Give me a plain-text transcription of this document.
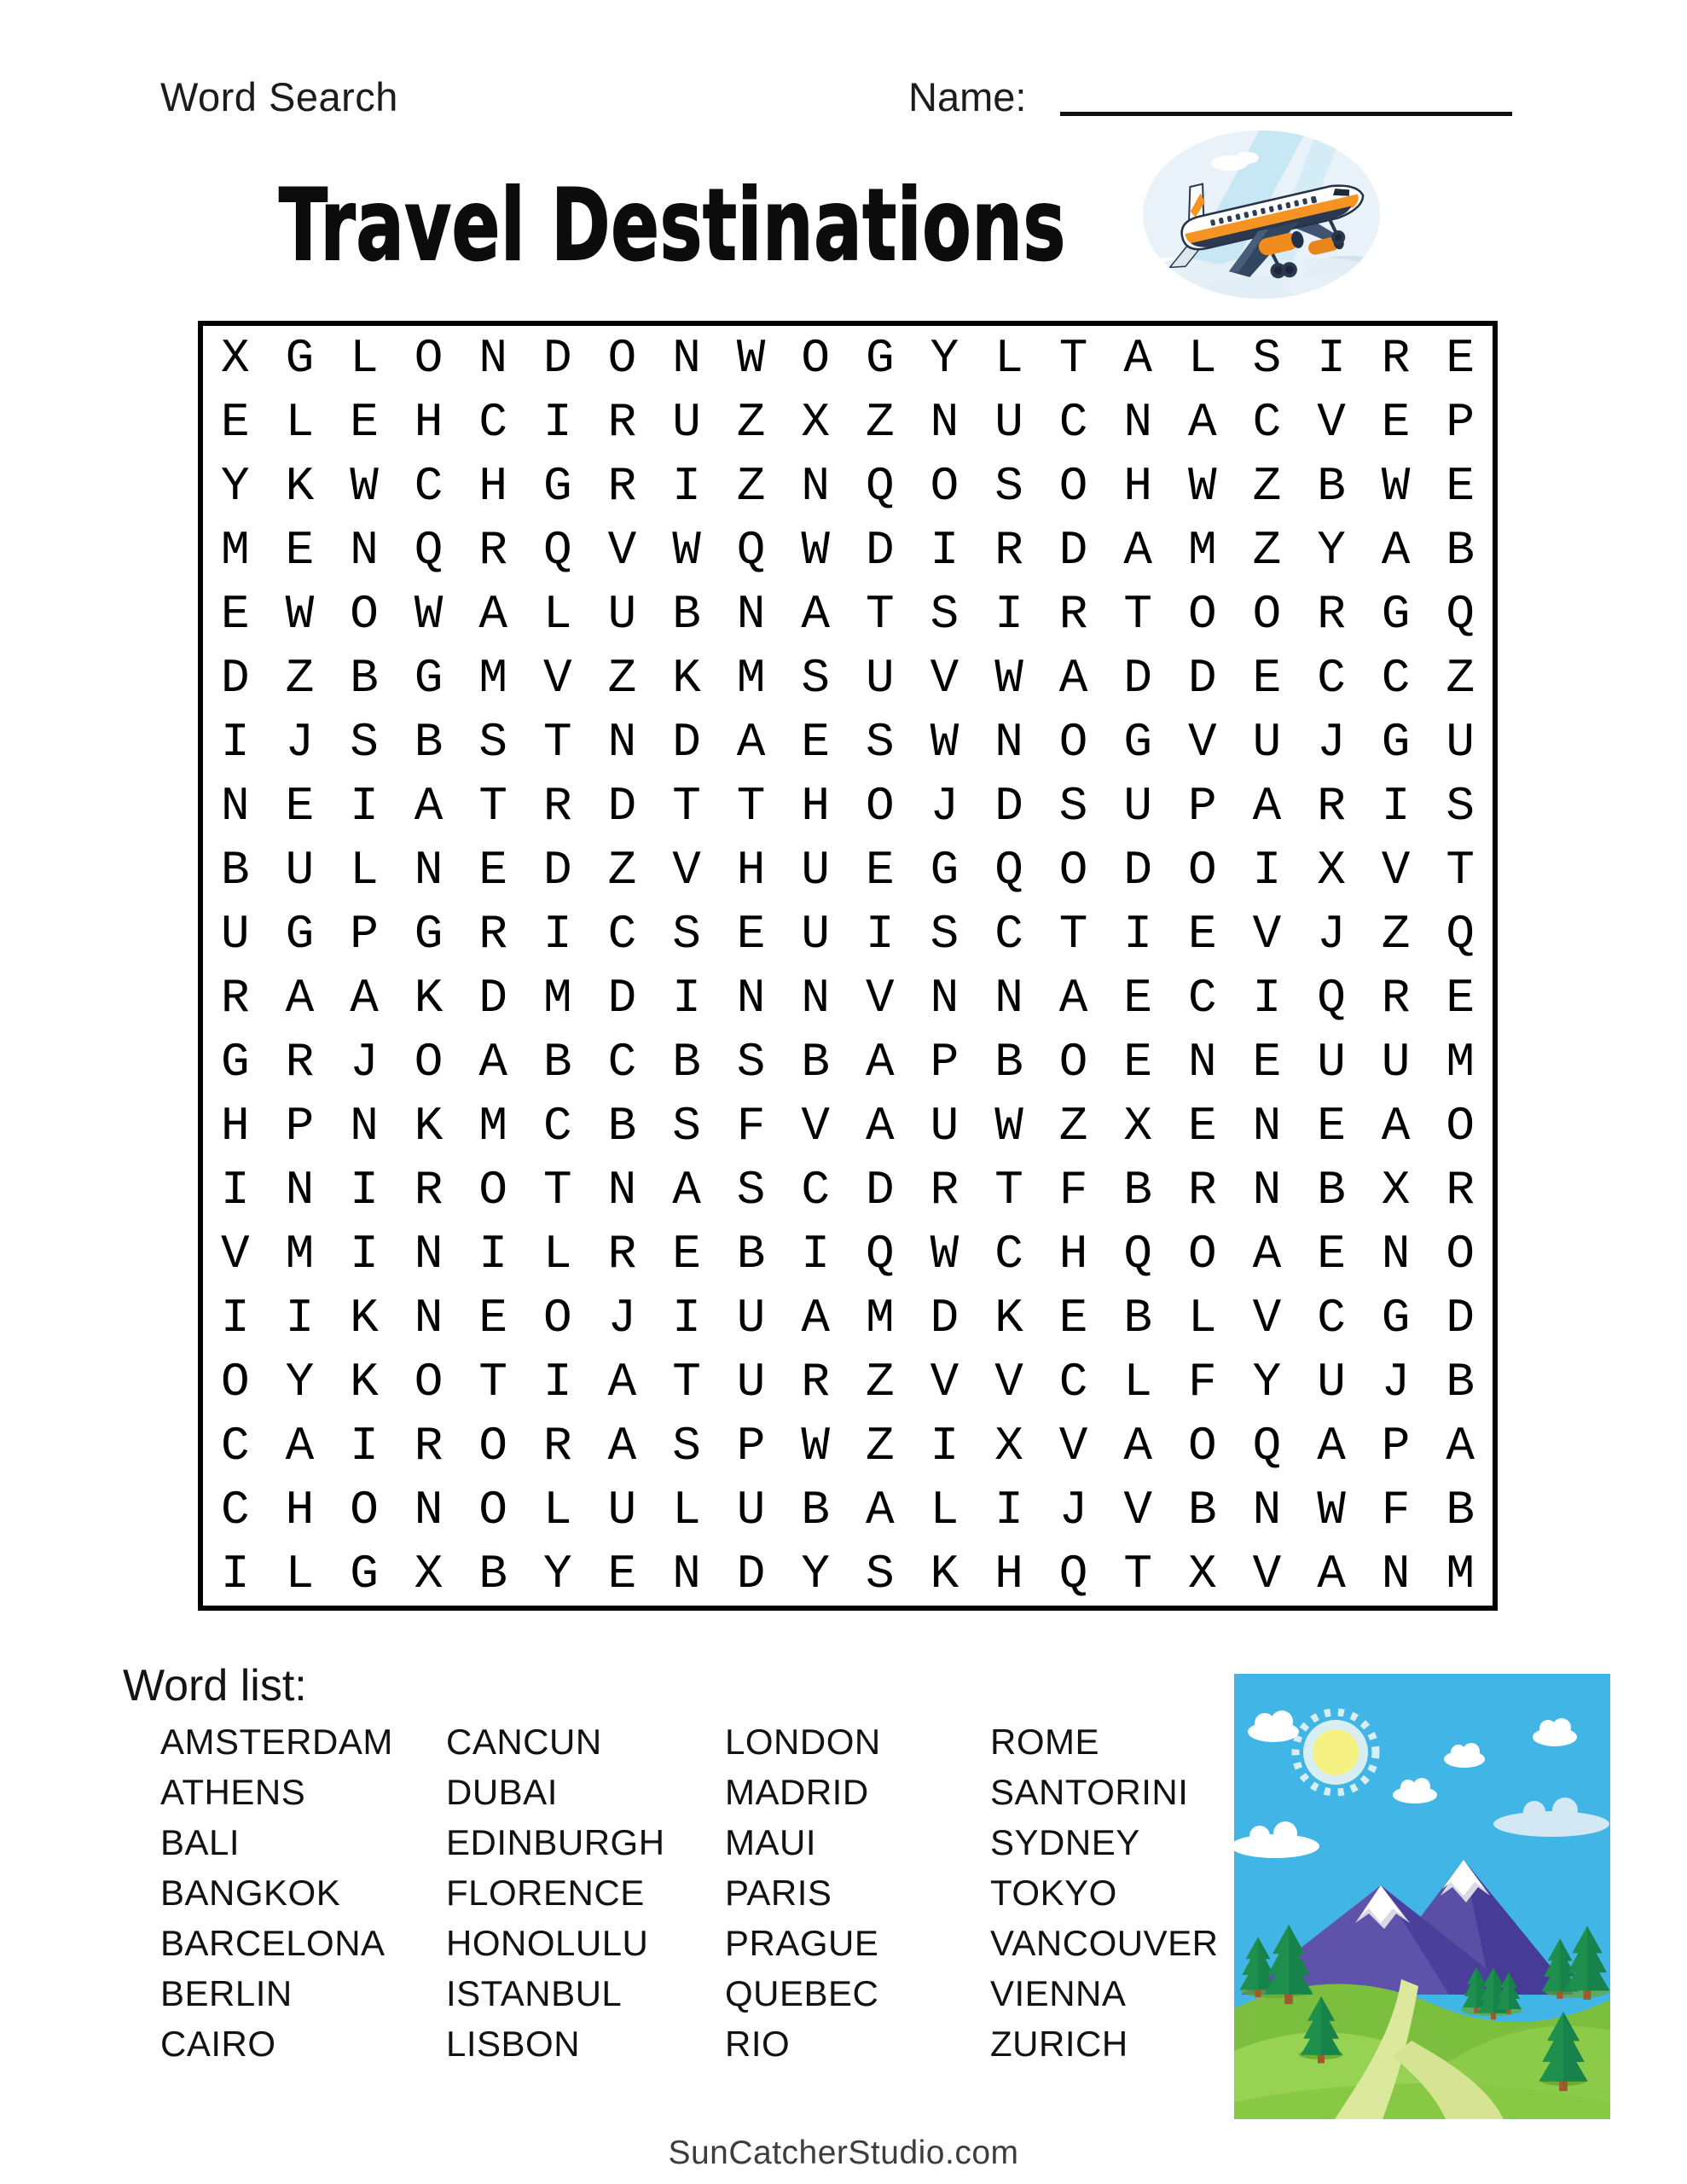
Word Search	Name:
Travel Destinations
X G L O N D O N W O G Y L T A L S I R E
E L E H C I R U Z X Z N U C N A C V E P
Y K W C H G R I Z N Q O S O H W Z B W E
M E N Q R Q V W Q W D I R D A M Z Y A B
E W O W A L U B N A T S I R T O O R G Q
D Z B G M V Z K M S U V W A D D E C C Z
I J S B S T N D A E S W N O G V U J G U
N E I A T R D T T H O J D S U P A R I S
B U L N E D Z V H U E G Q O D O I X V T
U G P G R I C S E U I S C T I E V J Z Q
R A A K D M D I N N V N N A E C I Q R E
G R J O A B C B S B A P B O E N E U U M
H P N K M C B S F V A U W Z X E N E A O
I N I R O T N A S C D R T F B R N B X R
V M I N I L R E B I Q W C H Q O A E N O
I I K N E O J I U A M D K E B L V C G D
O Y K O T I A T U R Z V V C L F Y U J B
C A I R O R A S P W Z I X V A O Q A P A
C H O N O L U L U B A L I J V B N W F B
I L G X B Y E N D Y S K H Q T X V A N M
Word list:
AMSTERDAM
ATHENS
BALI
BANGKOK
BARCELONA
BERLIN
CAIRO
CANCUN
DUBAI
EDINBURGH
FLORENCE
HONOLULU
ISTANBUL
LISBON
LONDON
MADRID
MAUI
PARIS
PRAGUE
QUEBEC
RIO
ROME
SANTORINI
SYDNEY
TOKYO
VANCOUVER
VIENNA
ZURICH
SunCatcherStudio.com
